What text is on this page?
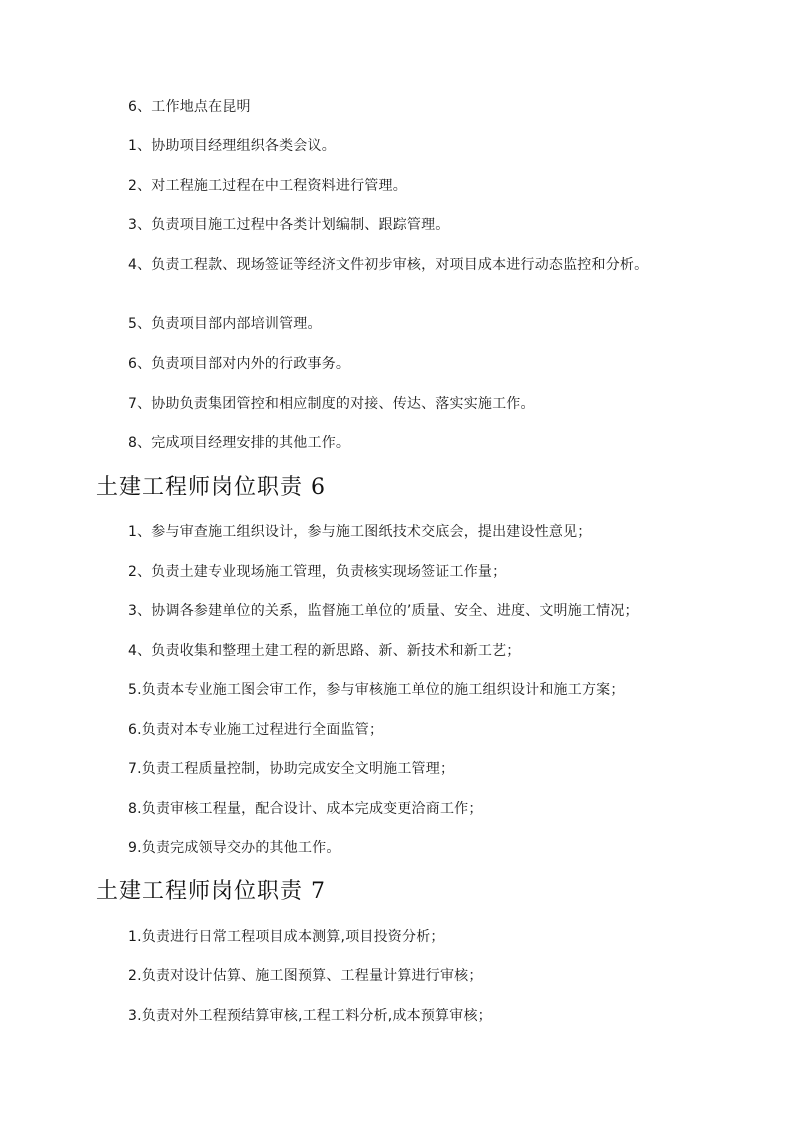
6、工作地点在昆明

1、协助项目经理组织各类会议。

2、对工程施工过程在中工程资料进行管理。

3、负责项目施工过程中各类计划编制、跟踪管理。

4、负责工程款、现场签证等经济文件初步审核，对项目成本进行动态监控和分析。

5、负责项目部内部培训管理。

6、负责项目部对内外的行政事务。

7、协助负责集团管控和相应制度的对接、传达、落实实施工作。

8、完成项目经理安排的其他工作。

土建工程师岗位职责 6

1、参与审查施工组织设计，参与施工图纸技术交底会，提出建设性意见；

2、负责土建专业现场施工管理，负责核实现场签证工作量；

3、协调各参建单位的关系，监督施工单位的’质量、安全、进度、文明施工情况；

4、负责收集和整理土建工程的新思路、新、新技术和新工艺；

5.负责本专业施工图会审工作，参与审核施工单位的施工组织设计和施工方案；

6.负责对本专业施工过程进行全面监管；

7.负责工程质量控制，协助完成安全文明施工管理；

8.负责审核工程量，配合设计、成本完成变更洽商工作；

9.负责完成领导交办的其他工作。

土建工程师岗位职责 7

1.负责进行日常工程项目成本测算,项目投资分析；

2.负责对设计估算、施工图预算、工程量计算进行审核；

3.负责对外工程预结算审核,工程工料分析,成本预算审核；
